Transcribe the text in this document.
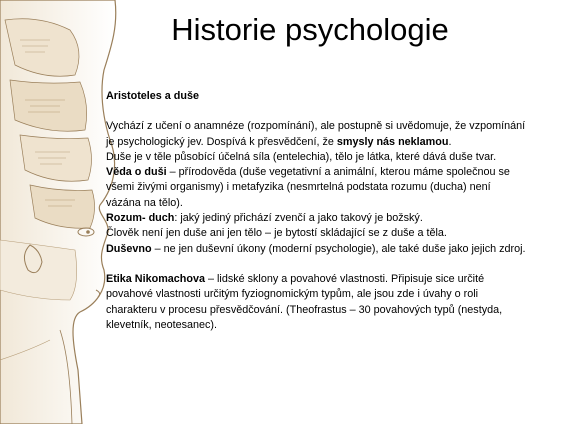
Historie psychologie

Aristoteles a duše

Vychází z učení o anamnéze (rozpomínání), ale postupně si uvědomuje, že vzpomínání je psychologický jev. Dospívá k přesvědčení, že smysly nás neklamou.

Duše je v těle působící účelná síla (entelechia), tělo je látka, které dává duše tvar.

Věda o duši – přírodověda (duše vegetativní a animální, kterou máme společnou se všemi živými organismy) i metafyzika (nesmrtelná podstata rozumu (ducha) není vázána na tělo).

Rozum- duch: jaký jediný přichází zvenčí a jako takový je božský.

Člověk není jen duše ani jen tělo – je bytostí skládající se z duše a těla.

Duševno – ne jen duševní úkony (moderní psychologie), ale také duše jako jejich zdroj.

Etika Nikomachova – lidské sklony a povahové vlastnosti. Připisuje sice určité povahové vlastnosti určitým fyziognomickým typům, ale jsou zde i úvahy o roli charakteru v procesu přesvědčování. (Theofrastus – 30 povahových typů (nestyda, klevetník, neotesanec).
